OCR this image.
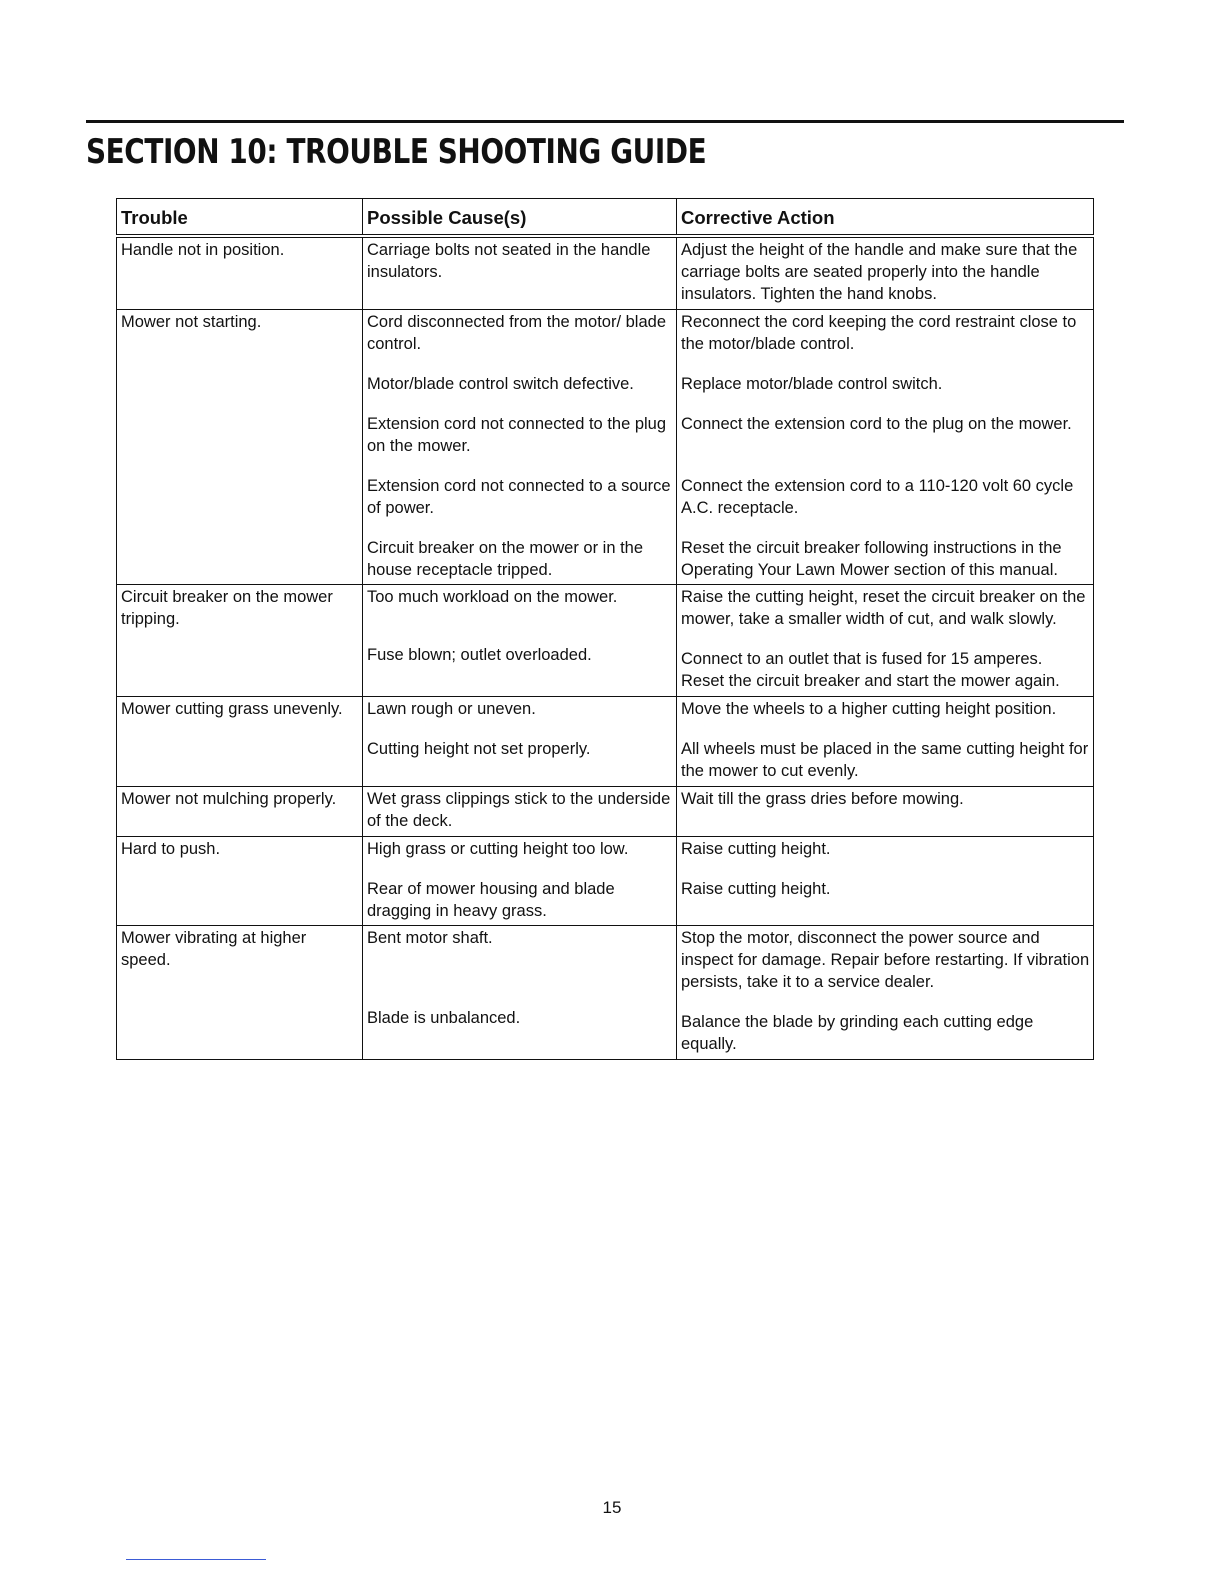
SECTION 10: TROUBLE SHOOTING GUIDE
Trouble	Possible Cause(s)	Corrective Action
Handle not in position.	Carriage bolts not seated in the handle insulators.	Adjust the height of the handle and make sure that the carriage bolts are seated properly into the handle insulators. Tighten the hand knobs.
Mower not starting.	Cord disconnected from the motor/ blade control.	Reconnect the cord keeping the cord restraint close to the motor/blade control.
	Motor/blade control switch defective.	Replace motor/blade control switch.
	Extension cord not connected to the plug on the mower.	Connect the extension cord to the plug on the mower.
	Extension cord not connected to a source of power.	Connect the extension cord to a 110-120 volt 60 cycle A.C. receptacle.
	Circuit breaker on the mower or in the house receptacle tripped.	Reset the circuit breaker following instructions in the Operating Your Lawn Mower section of this manual.
Circuit breaker on the mower tripping.	Too much workload on the mower.	Raise the cutting height, reset the circuit breaker on the mower, take a smaller width of cut, and walk slowly.

	Fuse blown; outlet overloaded.	Connect to an outlet that is fused for 15 amperes. Reset the circuit breaker and start the mower again.
Mower cutting grass unevenly.	Lawn rough or uneven.	Move the wheels to a higher cutting height position.
	Cutting height not set properly.	All wheels must be placed in the same cutting height for the mower to cut evenly.
Mower not mulching properly.	Wet grass clippings stick to the underside of the deck.	Wait till the grass dries before mowing.
Hard to push.	High grass or cutting height too low.	Raise cutting height.
	Rear of mower housing and blade dragging in heavy grass.	Raise cutting height.
Mower vibrating at higher speed.	Bent motor shaft.	Stop the motor, disconnect the power source and inspect for damage. Repair before restarting. If vibration persists, take it to a service dealer.

	Blade is unbalanced.	Balance the blade by grinding each cutting edge equally.
15
